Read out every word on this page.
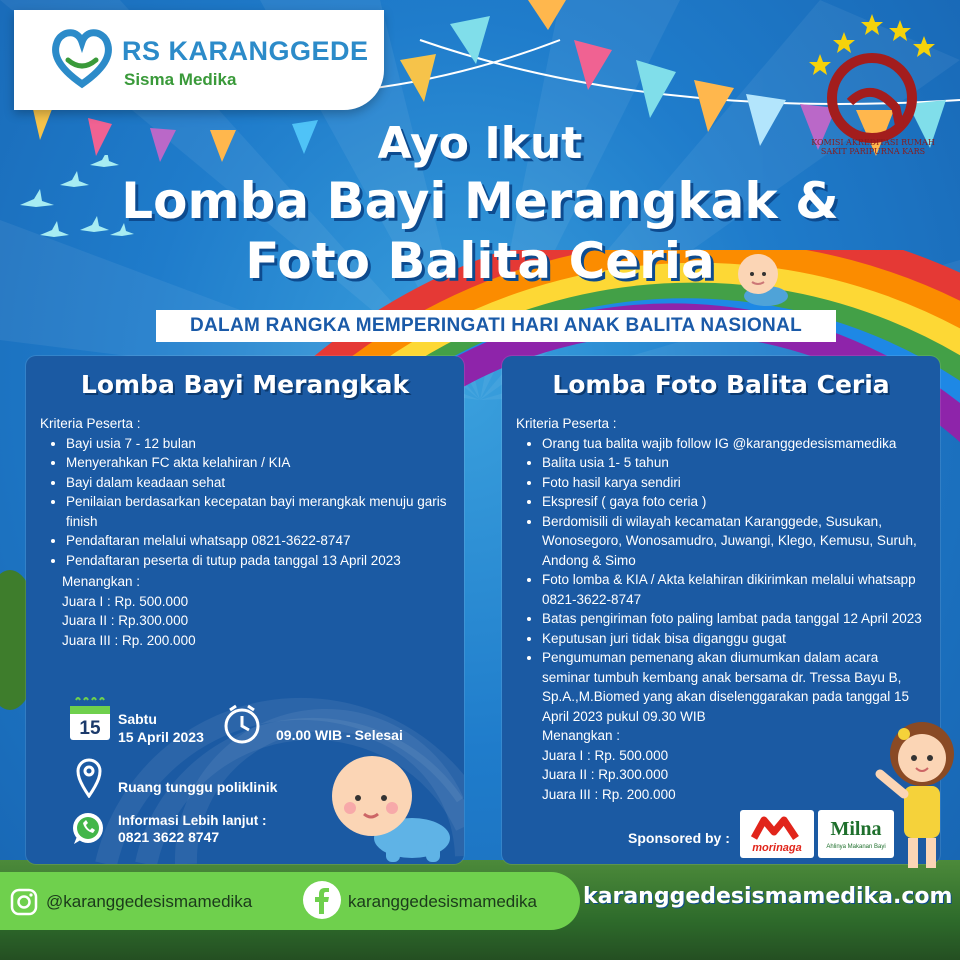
RS KARANGGEDE
Sisma Medika
KOMISI AKREDITASI RUMAH SAKIT PARIPURNA KARS
Ayo Ikut
Lomba Bayi Merangkak &
Foto Balita Ceria
DALAM RANGKA MEMPERINGATI HARI ANAK BALITA NASIONAL
Lomba Bayi Merangkak
Kriteria Peserta :
• Bayi usia 7 - 12 bulan
• Menyerahkan FC akta kelahiran / KIA
• Bayi dalam keadaan sehat
• Penilaian berdasarkan kecepatan bayi merangkak menuju garis finish
• Pendaftaran melalui whatsapp 0821-3622-8747
• Pendaftaran peserta di tutup pada tanggal 13 April 2023
Menangkan :
Juara I : Rp. 500.000
Juara II : Rp.300.000
Juara III : Rp. 200.000
15	Sabtu
15 April 2023	09.00 WIB - Selesai
Ruang tunggu poliklinik
Informasi Lebih lanjut :
0821 3622 8747
Lomba Foto Balita Ceria
Kriteria Peserta :
• Orang tua balita wajib follow IG @karanggedesismamedika
• Balita usia 1- 5 tahun
• Foto hasil karya sendiri
• Ekspresif ( gaya foto ceria )
• Berdomisili di wilayah kecamatan Karanggede, Susukan, Wonosegoro, Wonosamudro, Juwangi, Klego, Kemusu, Suruh, Andong & Simo
• Foto lomba & KIA / Akta kelahiran dikirimkan melalui whatsapp 0821-3622-8747
• Batas pengiriman foto paling lambat pada tanggal 12 April 2023
• Keputusan juri tidak bisa diganggu gugat
• Pengumuman pemenang akan diumumkan dalam acara seminar tumbuh kembang anak bersama dr. Tressa Bayu B, Sp.A.,M.Biomed yang akan diselenggarakan pada tanggal 15 April 2023 pukul 09.30 WIB
Menangkan :
Juara I : Rp. 500.000
Juara II : Rp.300.000
Juara III : Rp. 200.000
Sponsored by :
morinaga
Milna
Ahlinya Makanan Bayi
@karanggedesismamedika	karanggedesismamedika karanggedesismamedika.com
